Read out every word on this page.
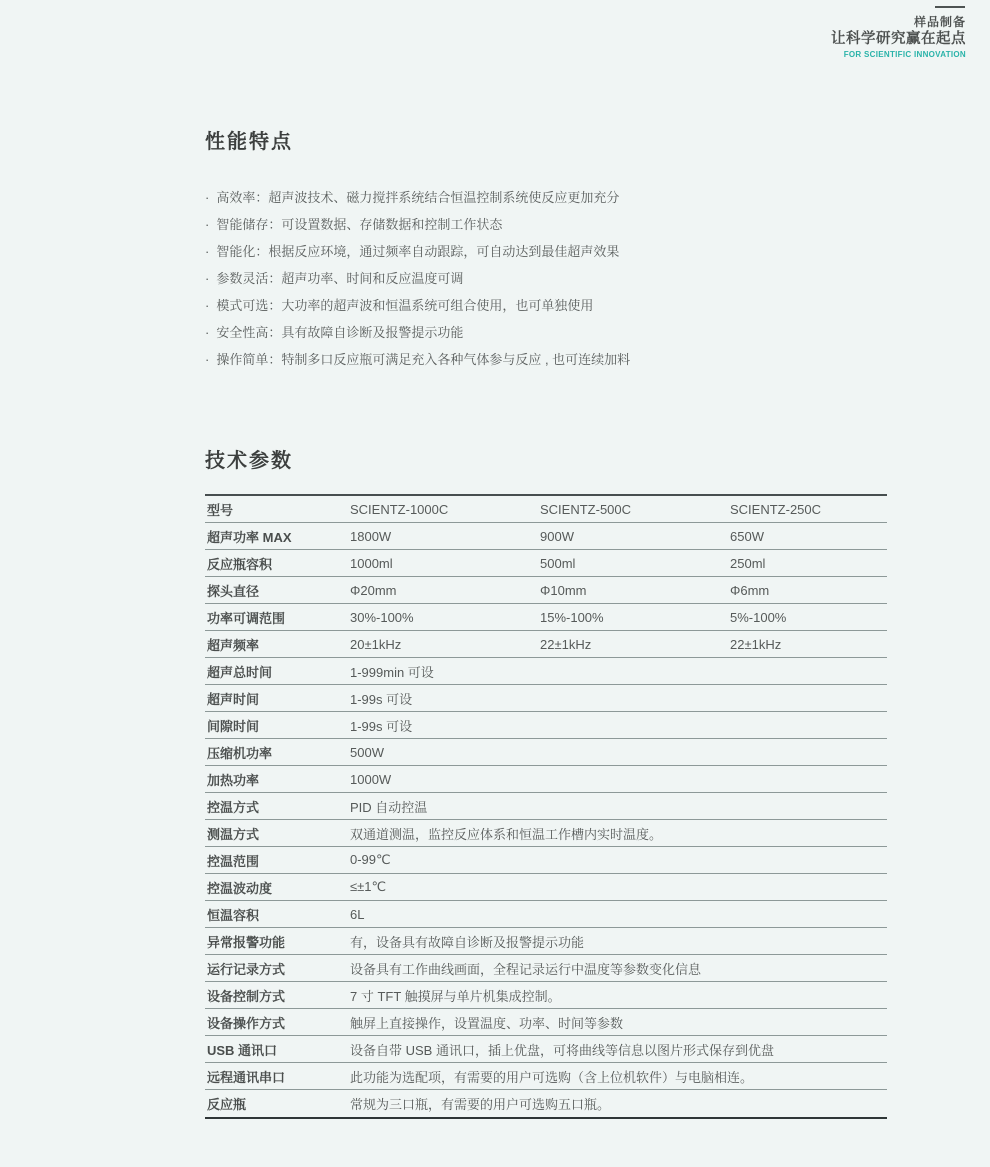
样品制备
让科学研究赢在起点
FOR SCIENTIFIC INNOVATION
性能特点
· 高效率：超声波技术、磁力搅拌系统结合恒温控制系统使反应更加充分
· 智能储存：可设置数据、存储数据和控制工作状态
· 智能化：根据反应环境，通过频率自动跟踪，可自动达到最佳超声效果
· 参数灵活：超声功率、时间和反应温度可调
· 模式可选：大功率的超声波和恒温系统可组合使用，也可单独使用
· 安全性高：具有故障自诊断及报警提示功能
· 操作简单：特制多口反应瓶可满足充入各种气体参与反应 , 也可连续加料
技术参数
型号	SCIENTZ-1000C	SCIENTZ-500C	SCIENTZ-250C
超声功率 MAX	1800W	900W	650W
反应瓶容积	1000ml	500ml	250ml
探头直径	Φ20mm	Φ10mm	Φ6mm
功率可调范围	30%-100%	15%-100%	5%-100%
超声频率	20±1kHz	22±1kHz	22±1kHz
超声总时间	1-999min 可设
超声时间	1-99s 可设
间隙时间	1-99s 可设
压缩机功率	500W
加热功率	1000W
控温方式	PID 自动控温
测温方式	双通道测温，监控反应体系和恒温工作槽内实时温度。
控温范围	0-99℃
控温波动度	≤±1℃
恒温容积	6L
异常报警功能	有，设备具有故障自诊断及报警提示功能
运行记录方式	设备具有工作曲线画面，全程记录运行中温度等参数变化信息
设备控制方式	7 寸 TFT 触摸屏与单片机集成控制。
设备操作方式	触屏上直接操作，设置温度、功率、时间等参数
USB 通讯口	设备自带 USB 通讯口，插上优盘，可将曲线等信息以图片形式保存到优盘
远程通讯串口	此功能为选配项，有需要的用户可选购（含上位机软件）与电脑相连。
反应瓶	常规为三口瓶，有需要的用户可选购五口瓶。
